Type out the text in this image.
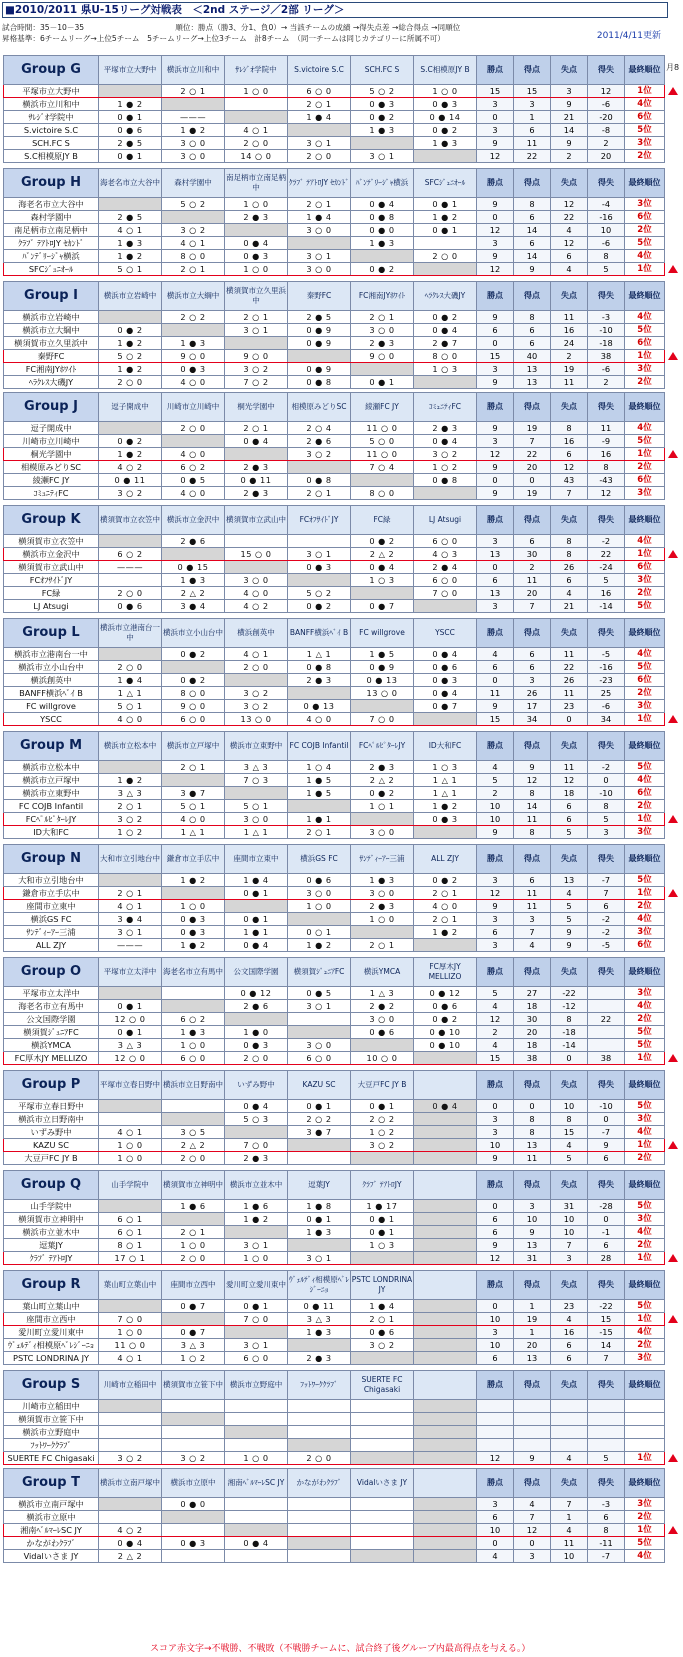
■2010/2011 県U-15リーグ対戦表　＜2nd ステージ／2部 リーグ＞
2011/4/11更新
試合時間：35－10－35　　　　　　　　　　　　順位：勝点（勝3、分1、負0）→ 当該チームの成績 →得失点差 →総合得点 →同順位
昇格基準：6チームリーグ→上位5チーム　5チームリーグ→上位3チーム　計8チーム　（同一チームは同じカテゴリーに所属不可）
月8
Group G	平塚市立大野中	横浜市立川和中	ｻﾚｼﾞｵ学院中	S.victoire S.C	SCH.FC S	S.C相模原JY B	勝点	得点	失点	得失	最終順位
平塚市立大野中		2 ○ 1	1 ○ 0	6 ○ 0	5 ○ 2	1 ○ 0	15	15	3	12	1位
横浜市立川和中	1 ● 2			2 ○ 1	0 ● 3	0 ● 3	3	3	9	-6	4位
ｻﾚｼﾞｵ学院中	0 ● 1	———		1 ● 4	0 ● 2	0 ● 14	0	1	21	-20	6位
S.victoire S.C	0 ● 6	1 ● 2	4 ○ 1		1 ● 3	0 ● 2	3	6	14	-8	5位
SCH.FC S	2 ● 5	3 ○ 0	2 ○ 0	3 ○ 1		1 ● 3	9	11	9	2	3位
S.C相模原JY B	0 ● 1	3 ○ 0	14 ○ 0	2 ○ 0	3 ○ 1		12	22	2	20	2位
Group H	海老名市立大谷中	森村学園中	南足柄市立南足柄中	ｸﾗﾌﾞ ﾃｱﾄﾛJY ｾｶﾝﾄﾞ	ﾊﾞﾝﾃﾞﾘｰｼﾞｬ横浜	SFCｼﾞｭﾆｵｰﾙ	勝点	得点	失点	得失	最終順位
海老名市立大谷中		5 ○ 2	1 ○ 0	2 ○ 1	0 ● 4	0 ● 1	9	8	12	-4	3位
森村学園中	2 ● 5		2 ● 3	1 ● 4	0 ● 8	1 ● 2	0	6	22	-16	6位
南足柄市立南足柄中	4 ○ 1	3 ○ 2		3 ○ 0	0 ● 0	0 ● 1	12	14	4	10	2位
ｸﾗﾌﾞ ﾃｱﾄﾛJY ｾｶﾝﾄﾞ	1 ● 3	4 ○ 1	0 ● 4		1 ● 3		3	6	12	-6	5位
ﾊﾞﾝﾃﾞﾘｰｼﾞｬ横浜	1 ● 2	8 ○ 0	0 ● 3	3 ○ 1		2 ○ 0	9	14	6	8	4位
SFCｼﾞｭﾆｵｰﾙ	5 ○ 1	2 ○ 1	1 ○ 0	3 ○ 0	0 ● 2		12	9	4	5	1位
Group I	横浜市立岩崎中	横浜市立大綱中	横須賀市立久里浜中	秦野FC	FC湘南JYﾎﾜｲﾄ	ﾍﾗｸﾚｽ大磯JY	勝点	得点	失点	得失	最終順位
横浜市立岩崎中		2 ○ 2	2 ○ 1	2 ● 5	2 ○ 1	0 ● 2	9	8	11	-3	4位
横浜市立大綱中	0 ● 2		3 ○ 1	0 ● 9	3 ○ 0	0 ● 4	6	6	16	-10	5位
横須賀市立久里浜中	1 ● 2	1 ● 3		0 ● 9	2 ● 3	2 ● 7	0	6	24	-18	6位
秦野FC	5 ○ 2	9 ○ 0	9 ○ 0		9 ○ 0	8 ○ 0	15	40	2	38	1位
FC湘南JYﾎﾜｲﾄ	1 ● 2	0 ● 3	3 ○ 2	0 ● 9		1 ○ 3	3	13	19	-6	3位
ﾍﾗｸﾚｽ大磯JY	2 ○ 0	4 ○ 0	7 ○ 2	0 ● 8	0 ● 1		9	13	11	2	2位
Group J	逗子開成中	川崎市立川崎中	桐光学園中	相模原みどりSC	綾瀬FC JY	ｺﾐｭﾆﾃｨFC	勝点	得点	失点	得失	最終順位
逗子開成中		2 ○ 0	2 ○ 1	2 ○ 4	11 ○ 0	2 ● 3	9	19	8	11	4位
川崎市立川崎中	0 ● 2		0 ● 4	2 ● 6	5 ○ 0	0 ● 4	3	7	16	-9	5位
桐光学園中	1 ● 2	4 ○ 0		3 ○ 2	11 ○ 0	3 ○ 2	12	22	6	16	1位
相模原みどりSC	4 ○ 2	6 ○ 2	2 ● 3		7 ○ 4	1 ○ 2	9	20	12	8	2位
綾瀬FC JY	0 ● 11	0 ● 5	0 ● 11	0 ● 8		0 ● 8	0	0	43	-43	6位
ｺﾐｭﾆﾃｨFC	3 ○ 2	4 ○ 0	2 ● 3	2 ○ 1	8 ○ 0		9	19	7	12	3位
Group K	横須賀市立衣笠中	横浜市立金沢中	横須賀市立武山中	FCｵﾌｻｲﾄﾞJY	FC緑	LJ Atsugi	勝点	得点	失点	得失	最終順位
横須賀市立衣笠中		2 ● 6			0 ● 2	6 ○ 0	3	6	8	-2	4位
横浜市立金沢中	6 ○ 2		15 ○ 0	3 ○ 1	2 △ 2	4 ○ 3	13	30	8	22	1位
横須賀市立武山中	———	0 ● 15		0 ● 3	0 ● 4	2 ● 4	0	2	26	-24	6位
FCｵﾌｻｲﾄﾞJY		1 ● 3	3 ○ 0		1 ○ 3	6 ○ 0	6	11	6	5	3位
FC緑	2 ○ 0	2 △ 2	4 ○ 0	5 ○ 2		7 ○ 0	13	20	4	16	2位
LJ Atsugi	0 ● 6	3 ● 4	4 ○ 2	0 ● 2	0 ● 7		3	7	21	-14	5位
Group L	横浜市立港南台一中	横浜市立小山台中	横浜創英中	BANFF横浜ﾍﾞｲ B	FC willgrove	YSCC	勝点	得点	失点	得失	最終順位
横浜市立港南台一中		0 ● 2	4 ○ 1	1 △ 1	1 ● 5	0 ● 4	4	6	11	-5	4位
横浜市立小山台中	2 ○ 0		2 ○ 0	0 ● 8	0 ● 9	0 ● 6	6	6	22	-16	5位
横浜創英中	1 ● 4	0 ● 2		2 ● 3	0 ● 13	0 ● 3	0	3	26	-23	6位
BANFF横浜ﾍﾞｲ B	1 △ 1	8 ○ 0	3 ○ 2		13 ○ 0	0 ● 4	11	26	11	25	2位
FC willgrove	5 ○ 1	9 ○ 0	3 ○ 2	0 ● 13		0 ● 7	9	17	23	-6	3位
YSCC	4 ○ 0	6 ○ 0	13 ○ 0	4 ○ 0	7 ○ 0		15	34	0	34	1位
Group M	横浜市立松本中	横浜市立戸塚中	横浜市立東野中	FC COJB Infantil	FCﾍﾟﾙﾋﾟﾀｰﾚJY	ID大和FC	勝点	得点	失点	得失	最終順位
横浜市立松本中		2 ○ 1	3 △ 3	1 ○ 4	2 ● 3	1 ○ 3	4	9	11	-2	5位
横浜市立戸塚中	1 ● 2		7 ○ 3	1 ● 5	2 △ 2	1 △ 1	5	12	12	0	4位
横浜市立東野中	3 △ 3	3 ● 7		1 ● 5	0 ● 2	1 △ 1	2	8	18	-10	6位
FC COJB Infantil	2 ○ 1	5 ○ 1	5 ○ 1		1 ○ 1	1 ● 2	10	14	6	8	2位
FCﾍﾟﾙﾋﾟﾀｰﾚJY	3 ○ 2	4 ○ 0	3 ○ 0	1 ● 1		0 ● 3	10	11	6	5	1位
ID大和FC	1 ○ 2	1 △ 1	1 △ 1	2 ○ 1	3 ○ 0		9	8	5	3	3位
Group N	大和市立引地台中	鎌倉市立手広中	座間市立東中	横浜GS FC	ｻﾝﾃﾞｨｰｱｰ三浦	ALL ZJY	勝点	得点	失点	得失	最終順位
大和市立引地台中		1 ● 2	1 ● 4	0 ● 6	1 ● 3	0 ● 2	3	6	13	-7	5位
鎌倉市立手広中	2 ○ 1		0 ● 1	3 ○ 0	3 ○ 0	2 ○ 1	12	11	4	7	1位
座間市立東中	4 ○ 1	1 ○ 0		1 ○ 0	2 ● 3	4 ○ 0	9	11	5	6	2位
横浜GS FC	3 ● 4	0 ● 3	0 ● 1		1 ○ 0	2 ○ 1	3	3	5	-2	4位
ｻﾝﾃﾞｨｰｱｰ三浦	3 ○ 1	0 ● 3	1 ● 1	0 ○ 1		1 ● 2	6	7	9	-2	3位
ALL ZJY	———	1 ● 2	0 ● 4	1 ● 2	2 ○ 1		3	4	9	-5	6位
Group O	平塚市立太洋中	海老名市立有馬中	公文国際学園	横須賀ｼﾞｭﾆｱFC	横浜YMCA	FC厚木JY MELLIZO	勝点	得点	失点	得失	最終順位
平塚市立太洋中			0 ● 12	0 ● 5	1 △ 3	0 ● 12	5	27	-22		3位
海老名市立有馬中	0 ● 1		2 ● 6	3 ○ 1	2 ● 2	0 ● 6	4	18	-12		4位
公文国際学園	12 ○ 0	6 ○ 2			3 ○ 0	0 ● 2	12	30	8	22	2位
横須賀ｼﾞｭﾆｱFC	0 ● 1	1 ● 3	1 ● 0		0 ● 6	0 ● 10	2	20	-18		5位
横浜YMCA	3 △ 3	1 ○ 0	0 ● 3	3 ○ 0		0 ● 10	4	18	-14		5位
FC厚木JY MELLIZO	12 ○ 0	6 ○ 0	2 ○ 0	6 ○ 0	10 ○ 0		15	38	0	38	1位
Group P	平塚市立春日野中	横浜市立日野南中	いずみ野中	KAZU SC	大豆戸FC JY B		勝点	得点	失点	得失	最終順位
平塚市立春日野中			0 ● 4	0 ● 1	0 ● 1	0 ● 4	0	0	10	-10	5位
横浜市立日野南中			5 ○ 3	2 ○ 2	2 ○ 2		3	8	8	0	3位
いずみ野中	4 ○ 1	3 ○ 5		3 ● 7	1 ○ 2		3	8	15	-7	4位
KAZU SC	1 ○ 0	2 △ 2	7 ○ 0		3 ○ 2		10	13	4	9	1位
大豆戸FC JY B	1 ○ 0	2 ○ 0	2 ● 3				9	11	5	6	2位
Group Q	山手学院中	横須賀市立神明中	横浜市立並木中	逗葉JY	ｸﾗﾌﾞ ﾃｱﾄﾛJY		勝点	得点	失点	得失	最終順位
山手学院中		1 ● 6	1 ● 6	1 ● 8	1 ● 17		0	3	31	-28	5位
横須賀市立神明中	6 ○ 1		1 ● 2	0 ● 1	0 ● 1		6	10	10	0	3位
横浜市立並木中	6 ○ 1	2 ○ 1		1 ● 3	0 ● 1		6	9	10	-1	4位
逗葉JY	8 ○ 1	1 ○ 0	3 ○ 1		1 ○ 3		9	13	7	6	2位
ｸﾗﾌﾞ ﾃｱﾄﾛJY	17 ○ 1	2 ○ 0	1 ○ 0	3 ○ 1			12	31	3	28	1位
Group R	葉山町立葉山中	座間市立西中	愛川町立愛川東中	ｳﾞｪﾙﾃﾞｨ相模原ﾍﾞﾚｼﾞｰﾆｮ	PSTC LONDRINA JY		勝点	得点	失点	得失	最終順位
葉山町立葉山中		0 ● 7	0 ● 1	0 ● 11	1 ● 4		0	1	23	-22	5位
座間市立西中	7 ○ 0		7 ○ 0	3 △ 3	2 ○ 1		10	19	4	15	1位
愛川町立愛川東中	1 ○ 0	0 ● 7		1 ● 3	0 ● 6		3	1	16	-15	4位
ｳﾞｪﾙﾃﾞｨ相模原ﾍﾞﾚｼﾞｰﾆｮ	11 ○ 0	3 △ 3	3 ○ 1		3 ○ 2		10	20	6	14	2位
PSTC LONDRINA JY	4 ○ 1	1 ○ 2	6 ○ 0	2 ● 3			6	13	6	7	3位
Group S	川崎市立稲田中	横須賀市立笹下中	横浜市立野庭中	ﾌｯﾄﾜｰｸｸﾗﾌﾞ	SUERTE FC Chigasaki		勝点	得点	失点	得失	最終順位
川崎市立稲田中											
横須賀市立笹下中											
横浜市立野庭中											
ﾌｯﾄﾜｰｸｸﾗﾌﾞ											
SUERTE FC Chigasaki	3 ○ 2	3 ○ 2	1 ○ 0	2 ○ 0			12	9	4	5	1位
Group T	横浜市立南戸塚中	横浜市立原中	湘南ﾍﾞﾙﾏｰﾚSC JY	かながわｸﾗﾌﾞ	Vidalいさま JY		勝点	得点	失点	得失	最終順位
横浜市立南戸塚中		0 ● 0					3	4	7	-3	3位
横浜市立原中							6	7	1	6	2位
湘南ﾍﾞﾙﾏｰﾚSC JY	4 ○ 2						10	12	4	8	1位
かながわｸﾗﾌﾞ	0 ● 4	0 ● 3	0 ● 4				0	0	11	-11	5位
Vidalいさま JY	2 △ 2						4	3	10	-7	4位
スコア赤文字→不戦勝、不戦敗（不戦勝チームに、試合終了後グループ内最高得点を与える。）
